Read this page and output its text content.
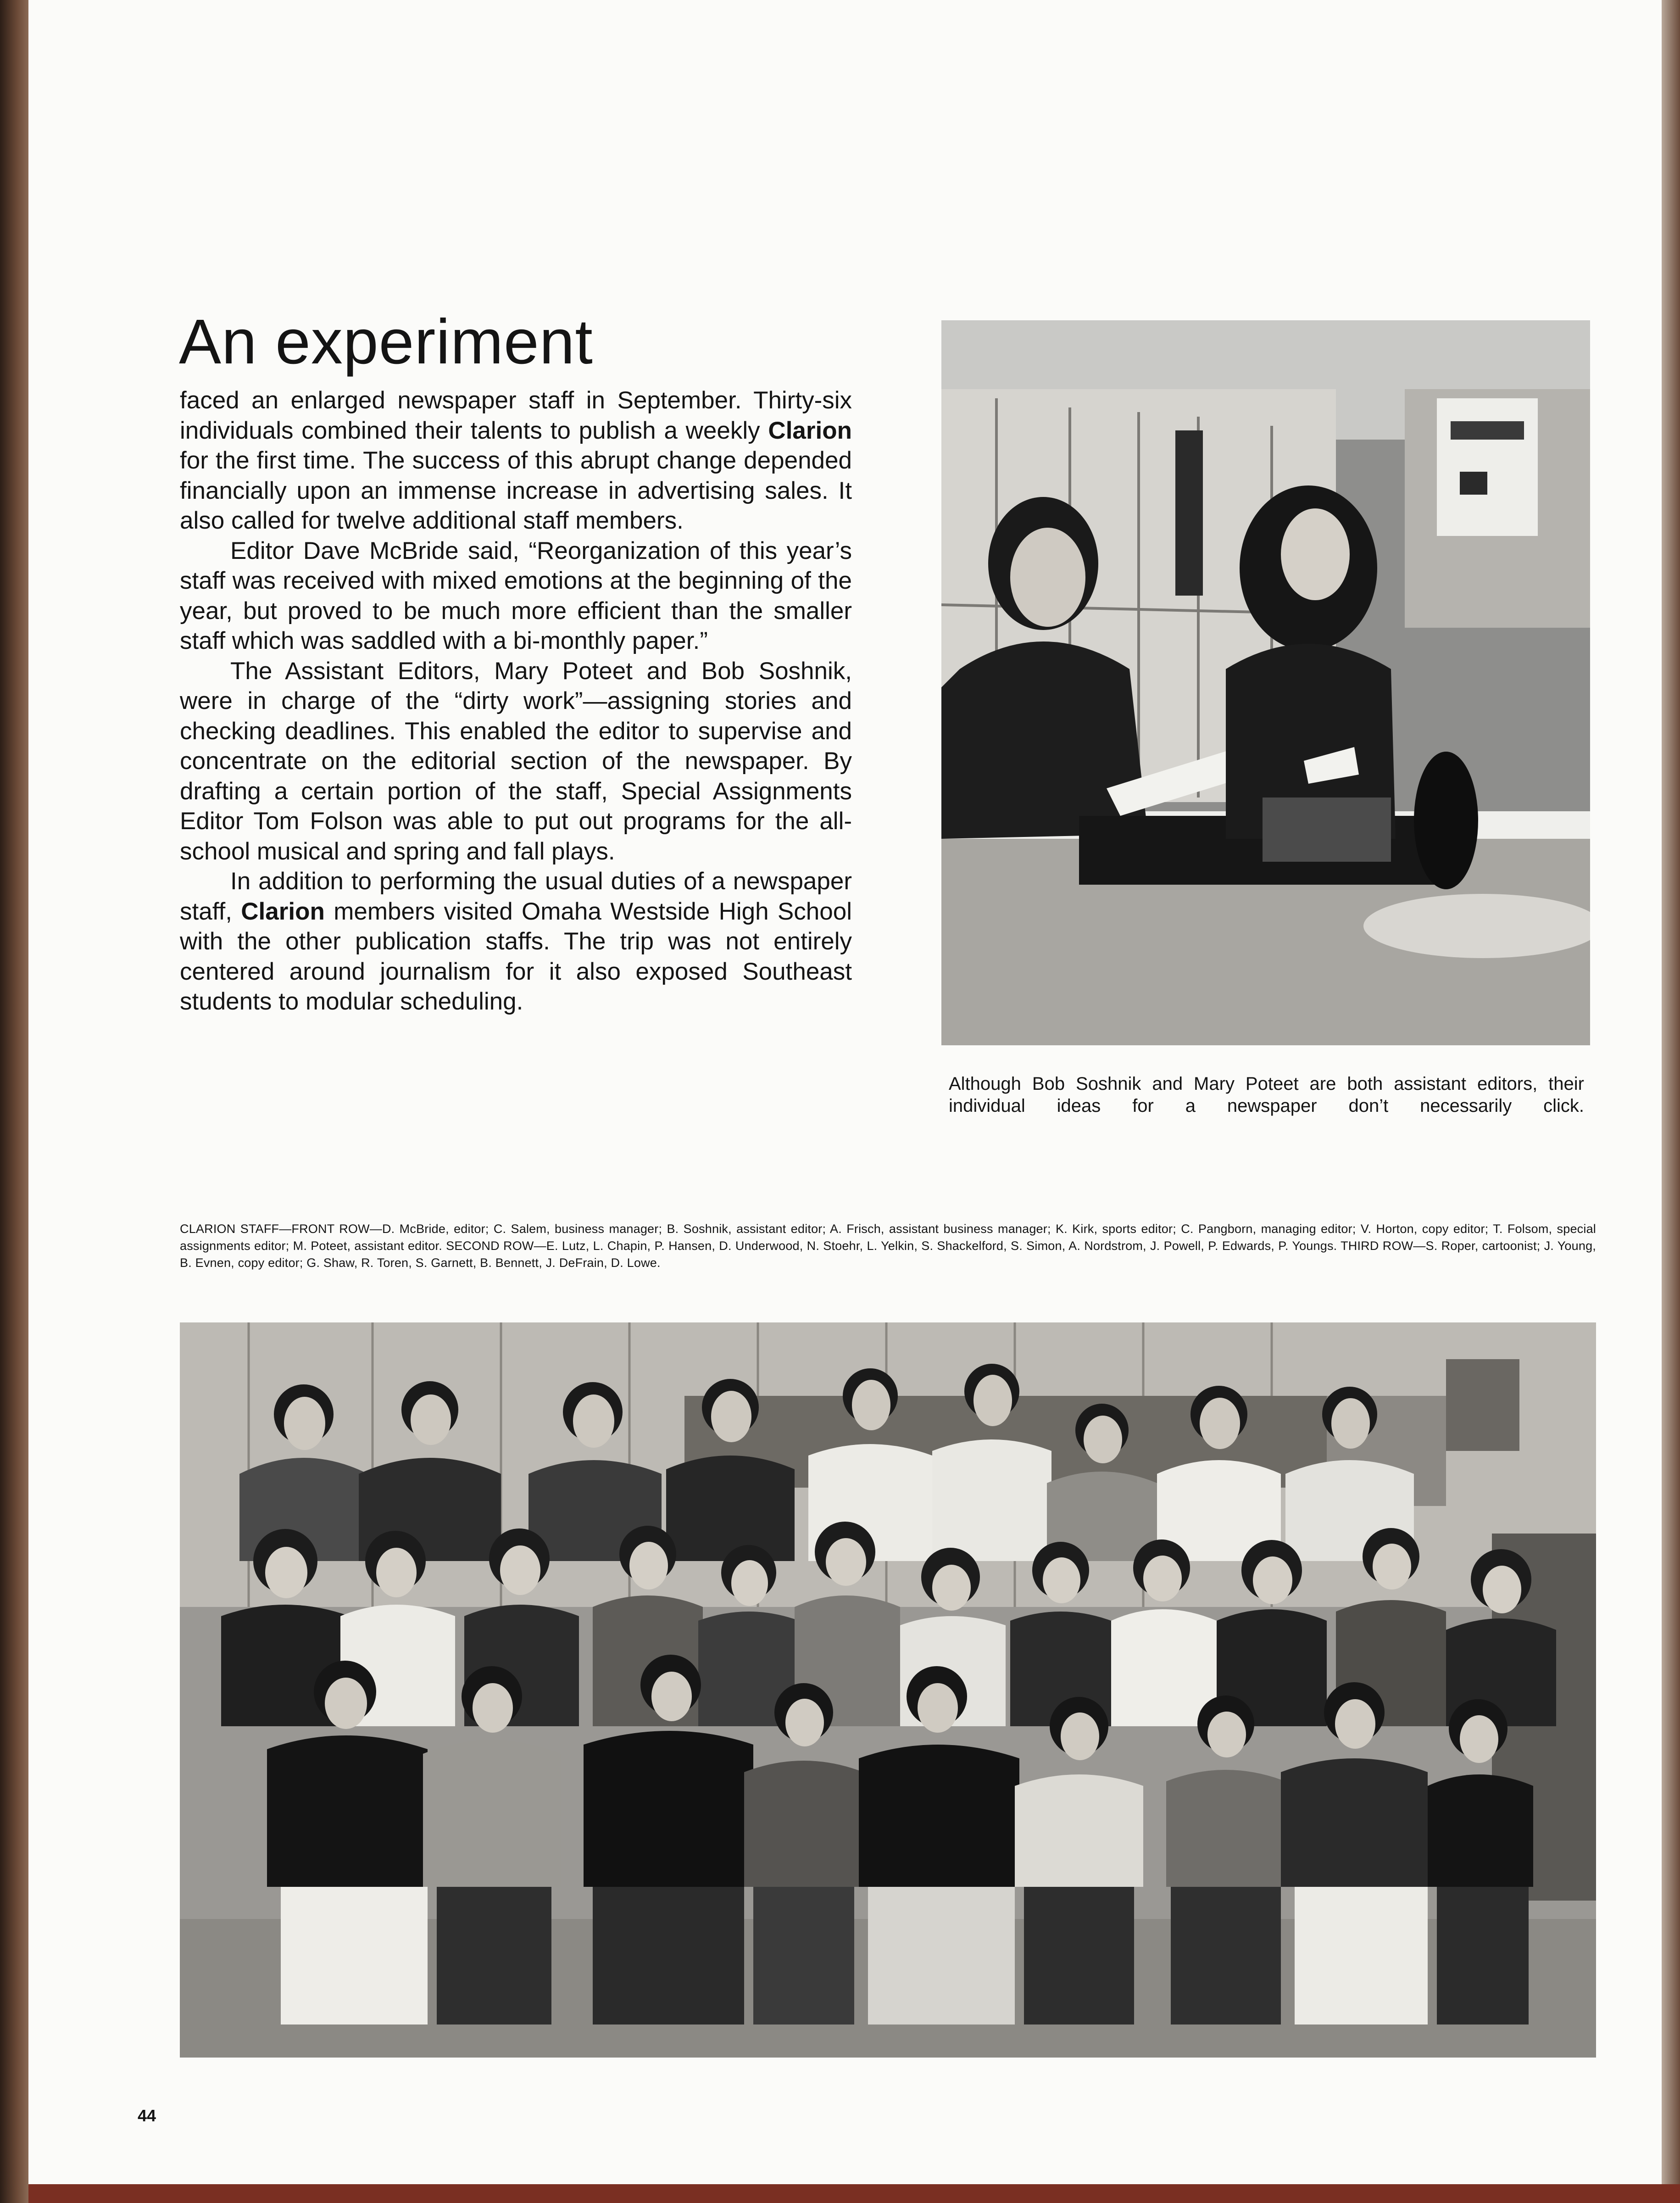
An experiment

faced an enlarged newspaper staff in September. Thirty-six individuals combined their talents to publish a weekly Clarion for the first time. The success of this abrupt change depended financially upon an immense increase in advertising sales. It also called for twelve additional staff members.

Editor Dave McBride said, “Reorganization of this year’s staff was received with mixed emotions at the beginning of the year, but proved to be much more efficient than the smaller staff which was saddled with a bi-monthly paper.”

The Assistant Editors, Mary Poteet and Bob Soshnik, were in charge of the “dirty work”—assigning stories and checking deadlines. This enabled the editor to supervise and concentrate on the editorial section of the newspaper. By drafting a certain portion of the staff, Special Assignments Editor Tom Folson was able to put out programs for the all-school musical and spring and fall plays.

In addition to performing the usual duties of a newspaper staff, Clarion members visited Omaha Westside High School with the other publication staffs. The trip was not entirely centered around journalism for it also exposed Southeast students to modular scheduling.

Although Bob Soshnik and Mary Poteet are both assistant editors, their individual ideas for a newspaper don’t necessarily click.

CLARION STAFF—FRONT ROW—D. McBride, editor; C. Salem, business manager; B. Soshnik, assistant editor; A. Frisch, assistant business manager; K. Kirk, sports editor; C. Pangborn, managing editor; V. Horton, copy editor; T. Folsom, special assignments editor; M. Poteet, assistant editor. SECOND ROW—E. Lutz, L. Chapin, P. Hansen, D. Underwood, N. Stoehr, L. Yelkin, S. Shackelford, S. Simon, A. Nordstrom, J. Powell, P. Edwards, P. Youngs. THIRD ROW—S. Roper, cartoonist; J. Young, B. Evnen, copy editor; G. Shaw, R. Toren, S. Garnett, B. Bennett, J. DeFrain, D. Lowe.

44
